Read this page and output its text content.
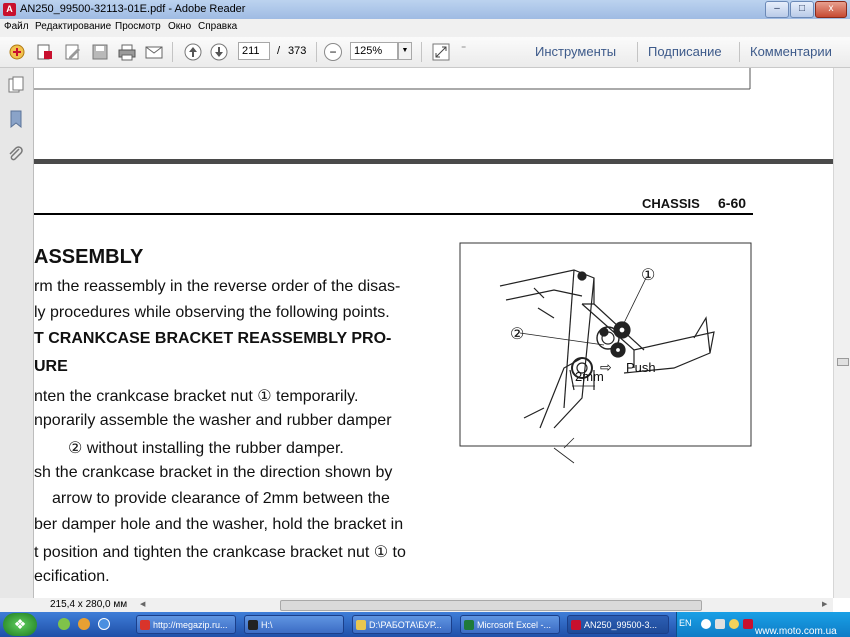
A AN250_99500-32113-01E.pdf - Adobe Reader	–	□	x
Файл Редактирование Просмотр Окно Справка
211	/ 373	−	125%	▼	⁼	Инструменты Подписание Комментарии
CHASSIS 6-60
ASSEMBLY
rm the reassembly in the reverse order of the disas-
ly procedures while observing the following points.
T CRANKCASE BRACKET REASSEMBLY PRO-
URE
nten the crankcase bracket nut ① temporarily.
nporarily assemble the washer and rubber damper
② without installing the rubber damper.
sh the crankcase bracket in the direction shown by
arrow to provide clearance of 2mm between the
ber damper hole and the washer, hold the bracket in
t position and tighten the crankcase bracket nut ① to
ecification.
①
②
⇨ Push
2mm
215,4 x 280,0 мм ◀	▶
❖	http://megazip.ru...	H:\	D:\РАБОТА\БУР...	Microsoft Excel -...	AN250_99500-3...	EN
www.moto.com.ua
